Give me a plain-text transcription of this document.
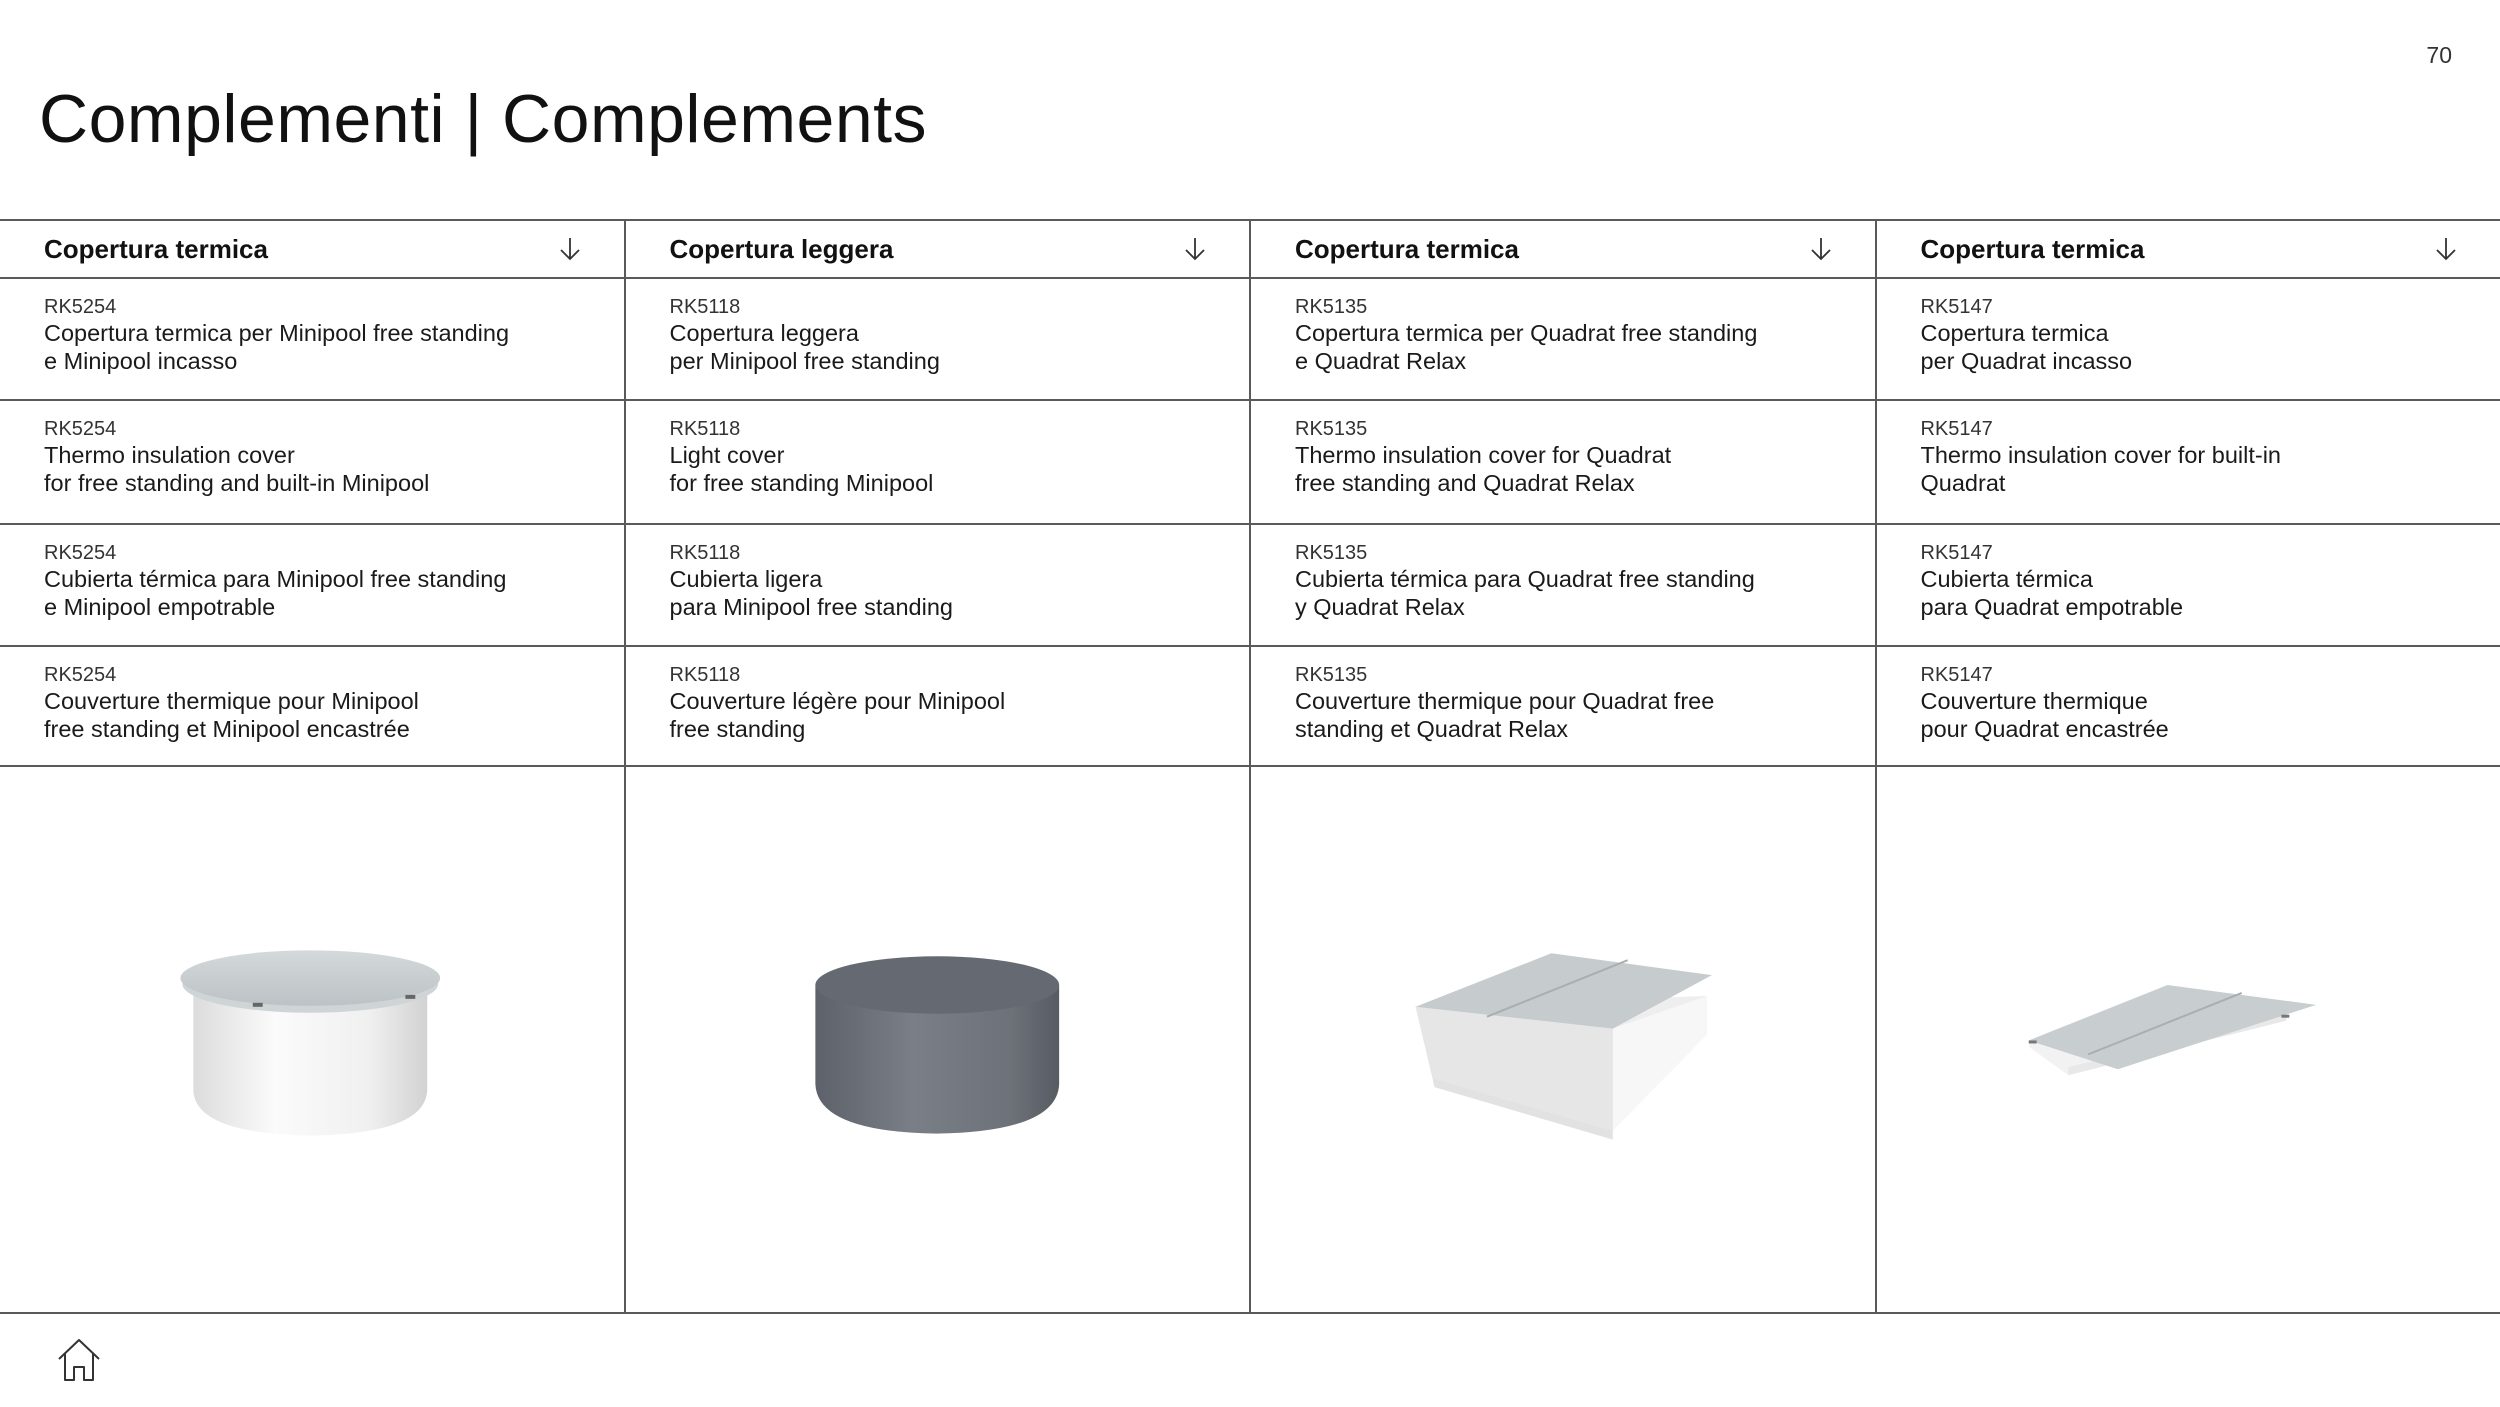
70
Complementi | Complements
Copertura termica
RK5254
Copertura termica per Minipool free standing
e Minipool incasso
RK5254
Thermo insulation cover
for free standing and built-in Minipool
RK5254
Cubierta térmica para Minipool free standing
e Minipool empotrable
RK5254
Couverture thermique pour Minipool
free standing et Minipool encastrée
Copertura leggera
RK5118
Copertura leggera
per Minipool free standing
RK5118
Light cover
for free standing Minipool
RK5118
Cubierta ligera
para Minipool free standing
RK5118
Couverture légère pour Minipool
free standing
Copertura termica
RK5135
Copertura termica per Quadrat free standing
e Quadrat Relax
RK5135
Thermo insulation cover for Quadrat
free standing and Quadrat Relax
RK5135
Cubierta térmica para Quadrat free standing
y Quadrat Relax
RK5135
Couverture thermique pour Quadrat free
standing et Quadrat Relax
Copertura termica
RK5147
Copertura termica
per Quadrat incasso
RK5147
Thermo insulation cover for built-in
Quadrat
RK5147
Cubierta térmica
para Quadrat empotrable
RK5147
Couverture thermique
pour Quadrat encastrée
